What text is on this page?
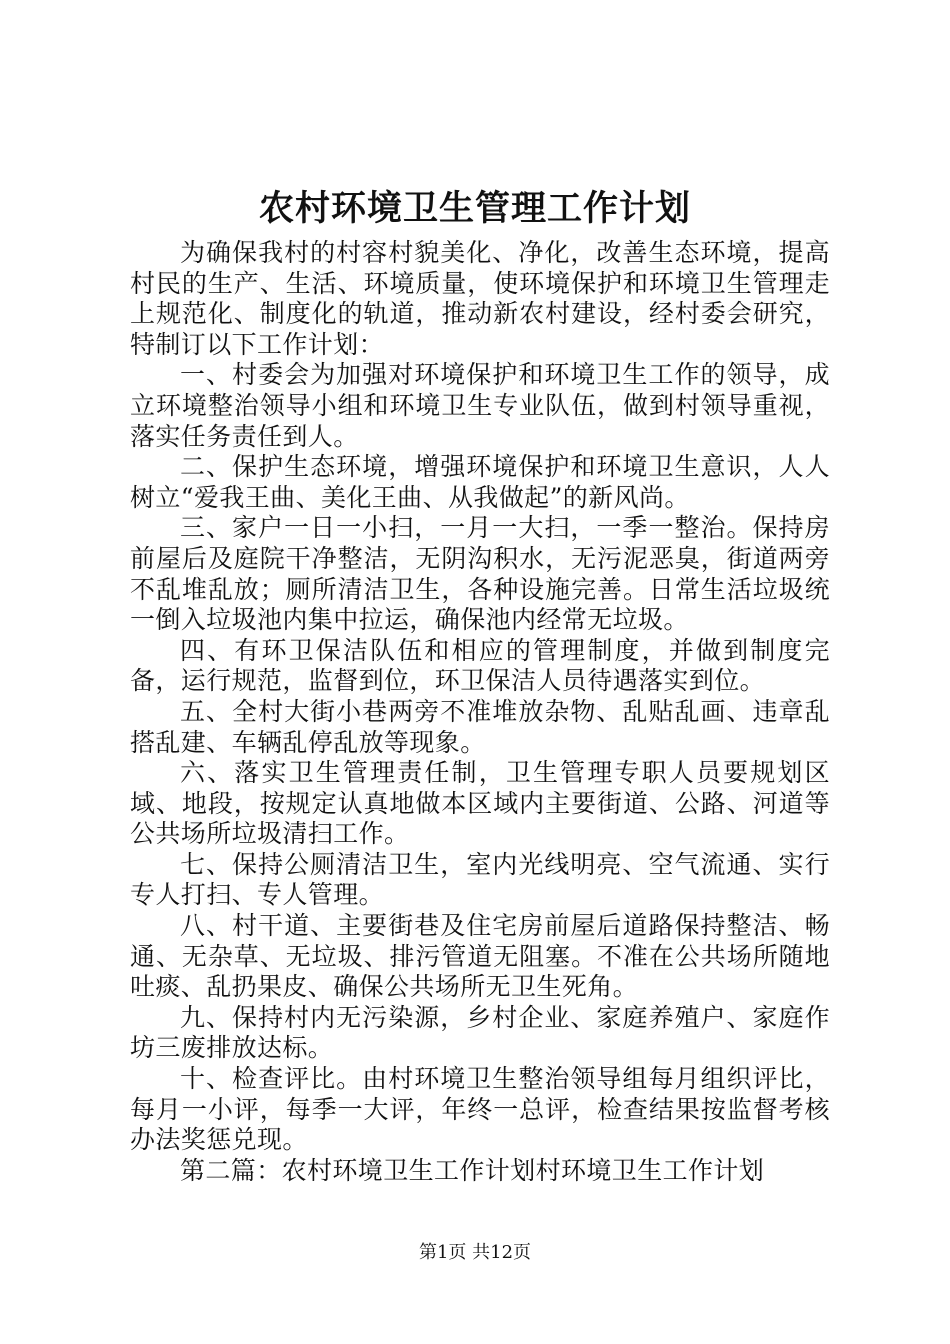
农村环境卫生管理工作计划

为确保我村的村容村貌美化、净化，改善生态环境，提高村民的生产、生活、环境质量，使环境保护和环境卫生管理走上规范化、制度化的轨道，推动新农村建设，经村委会研究，特制订以下工作计划：

一、村委会为加强对环境保护和环境卫生工作的领导，成立环境整治领导小组和环境卫生专业队伍，做到村领导重视，落实任务责任到人。

二、保护生态环境，增强环境保护和环境卫生意识，人人树立“爱我王曲、美化王曲、从我做起”的新风尚。

三、家户一日一小扫，一月一大扫，一季一整治。保持房前屋后及庭院干净整洁，无阴沟积水，无污泥恶臭，街道两旁不乱堆乱放；厕所清洁卫生，各种设施完善。日常生活垃圾统一倒入垃圾池内集中拉运，确保池内经常无垃圾。

四、有环卫保洁队伍和相应的管理制度，并做到制度完备，运行规范，监督到位，环卫保洁人员待遇落实到位。

五、全村大街小巷两旁不准堆放杂物、乱贴乱画、违章乱搭乱建、车辆乱停乱放等现象。

六、落实卫生管理责任制，卫生管理专职人员要规划区域、地段，按规定认真地做本区域内主要街道、公路、河道等公共场所垃圾清扫工作。

七、保持公厕清洁卫生，室内光线明亮、空气流通、实行专人打扫、专人管理。

八、村干道、主要街巷及住宅房前屋后道路保持整洁、畅通、无杂草、无垃圾、排污管道无阻塞。不准在公共场所随地吐痰、乱扔果皮、确保公共场所无卫生死角。

九、保持村内无污染源，乡村企业、家庭养殖户、家庭作坊三废排放达标。

十、检查评比。由村环境卫生整治领导组每月组织评比，每月一小评，每季一大评，年终一总评，检查结果按监督考核办法奖惩兑现。

第二篇：农村环境卫生工作计划村环境卫生工作计划

第1页 共12页
